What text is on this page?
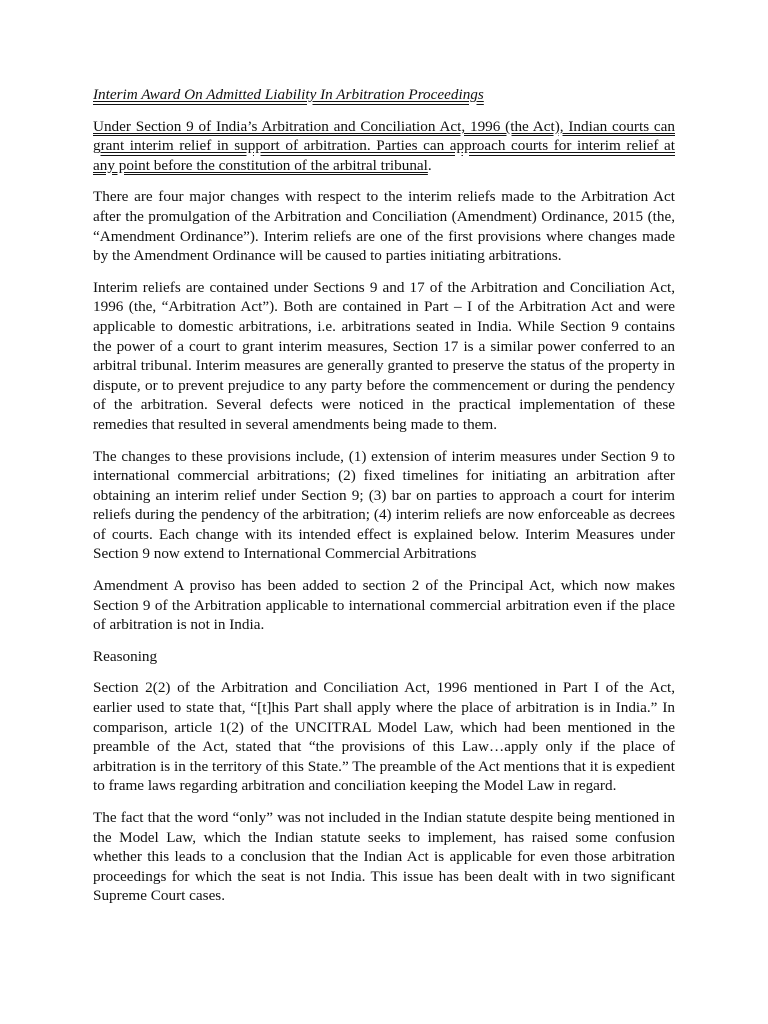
Interim Award On Admitted Liability In Arbitration Proceedings

Under Section 9 of India’s Arbitration and Conciliation Act, 1996 (the Act), Indian courts can grant interim relief in support of arbitration. Parties can approach courts for interim relief at any point before the constitution of the arbitral tribunal.

There are four major changes with respect to the interim reliefs made to the Arbitration Act after the promulgation of the Arbitration and Conciliation (Amendment) Ordinance, 2015 (the, “Amendment Ordinance”). Interim reliefs are one of the first provisions where changes made by the Amendment Ordinance will be caused to parties initiating arbitrations.

Interim reliefs are contained under Sections 9 and 17 of the Arbitration and Conciliation Act, 1996 (the, “Arbitration Act”). Both are contained in Part – I of the Arbitration Act and were applicable to domestic arbitrations, i.e. arbitrations seated in India. While Section 9 contains the power of a court to grant interim measures, Section 17 is a similar power conferred to an arbitral tribunal. Interim measures are generally granted to preserve the status of the property in dispute, or to prevent prejudice to any party before the commencement or during the pendency of the arbitration. Several defects were noticed in the practical implementation of these remedies that resulted in several amendments being made to them.

The changes to these provisions include, (1) extension of interim measures under Section 9 to international commercial arbitrations; (2) fixed timelines for initiating an arbitration after obtaining an interim relief under Section 9; (3) bar on parties to approach a court for interim reliefs during the pendency of the arbitration; (4) interim reliefs are now enforceable as decrees of courts. Each change with its intended effect is explained below. Interim Measures under Section 9 now extend to International Commercial Arbitrations

Amendment A proviso has been added to section 2 of the Principal Act, which now makes Section 9 of the Arbitration applicable to international commercial arbitration even if the place of arbitration is not in India.

Reasoning

Section 2(2) of the Arbitration and Conciliation Act, 1996 mentioned in Part I of the Act, earlier used to state that, “[t]his Part shall apply where the place of arbitration is in India.” In comparison, article 1(2) of the UNCITRAL Model Law, which had been mentioned in the preamble of the Act, stated that “the provisions of this Law…apply only if the place of arbitration is in the territory of this State.” The preamble of the Act mentions that it is expedient to frame laws regarding arbitration and conciliation keeping the Model Law in regard.

The fact that the word “only” was not included in the Indian statute despite being mentioned in the Model Law, which the Indian statute seeks to implement, has raised some confusion whether this leads to a conclusion that the Indian Act is applicable for even those arbitration proceedings for which the seat is not India. This issue has been dealt with in two significant Supreme Court cases.
